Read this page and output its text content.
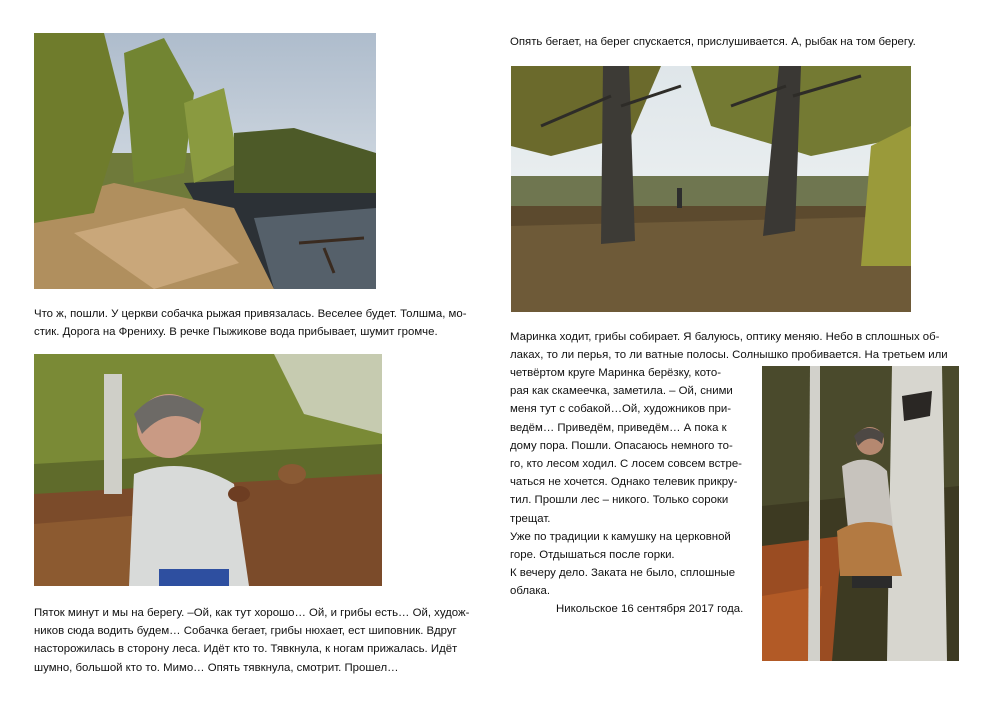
Опять бегает, на берег спускается, прислушивается. А, рыбак на том берегу.

Что ж, пошли. У церкви собачка рыжая привязалась. Веселее будет. Толшма, мо-
стик. Дорога на Френиху. В речке Пыжикове вода прибывает, шумит громче.	Маринка ходит, грибы собирает. Я балуюсь, оптику меняю. Небо в сплошных об-
лаках, то ли перья, то ли ватные полосы. Солнышко пробивается. На третьем или

четвёртом круге Маринка берёзку, кото-
рая как скамеечка, заметила. – Ой, сними
меня тут с собакой…Ой, художников при-
ведём… Приведём, приведём… А пока к
дому пора. Пошли. Опасаюсь немного то-
го, кто лесом ходил. С лосем совсем встре-
чаться не хочется. Однако телевик прикру-
тил. Прошли лес – никого. Только сороки
трещат.
Уже по традиции к камушку на церковной
горе. Отдышаться после горки.
К вечеру дело. Заката не было, сплошные
облака.

Никольское 16 сентября 2017 года.

Пяток минут и мы на берегу. –Ой, как тут хорошо… Ой, и грибы есть… Ой, худож-
ников сюда водить будем… Собачка бегает, грибы нюхает, ест шиповник. Вдруг
насторожилась в сторону леса. Идёт кто то. Тявкнула, к ногам прижалась. Идёт
шумно, большой кто то. Мимо… Опять тявкнула, смотрит. Прошел…
